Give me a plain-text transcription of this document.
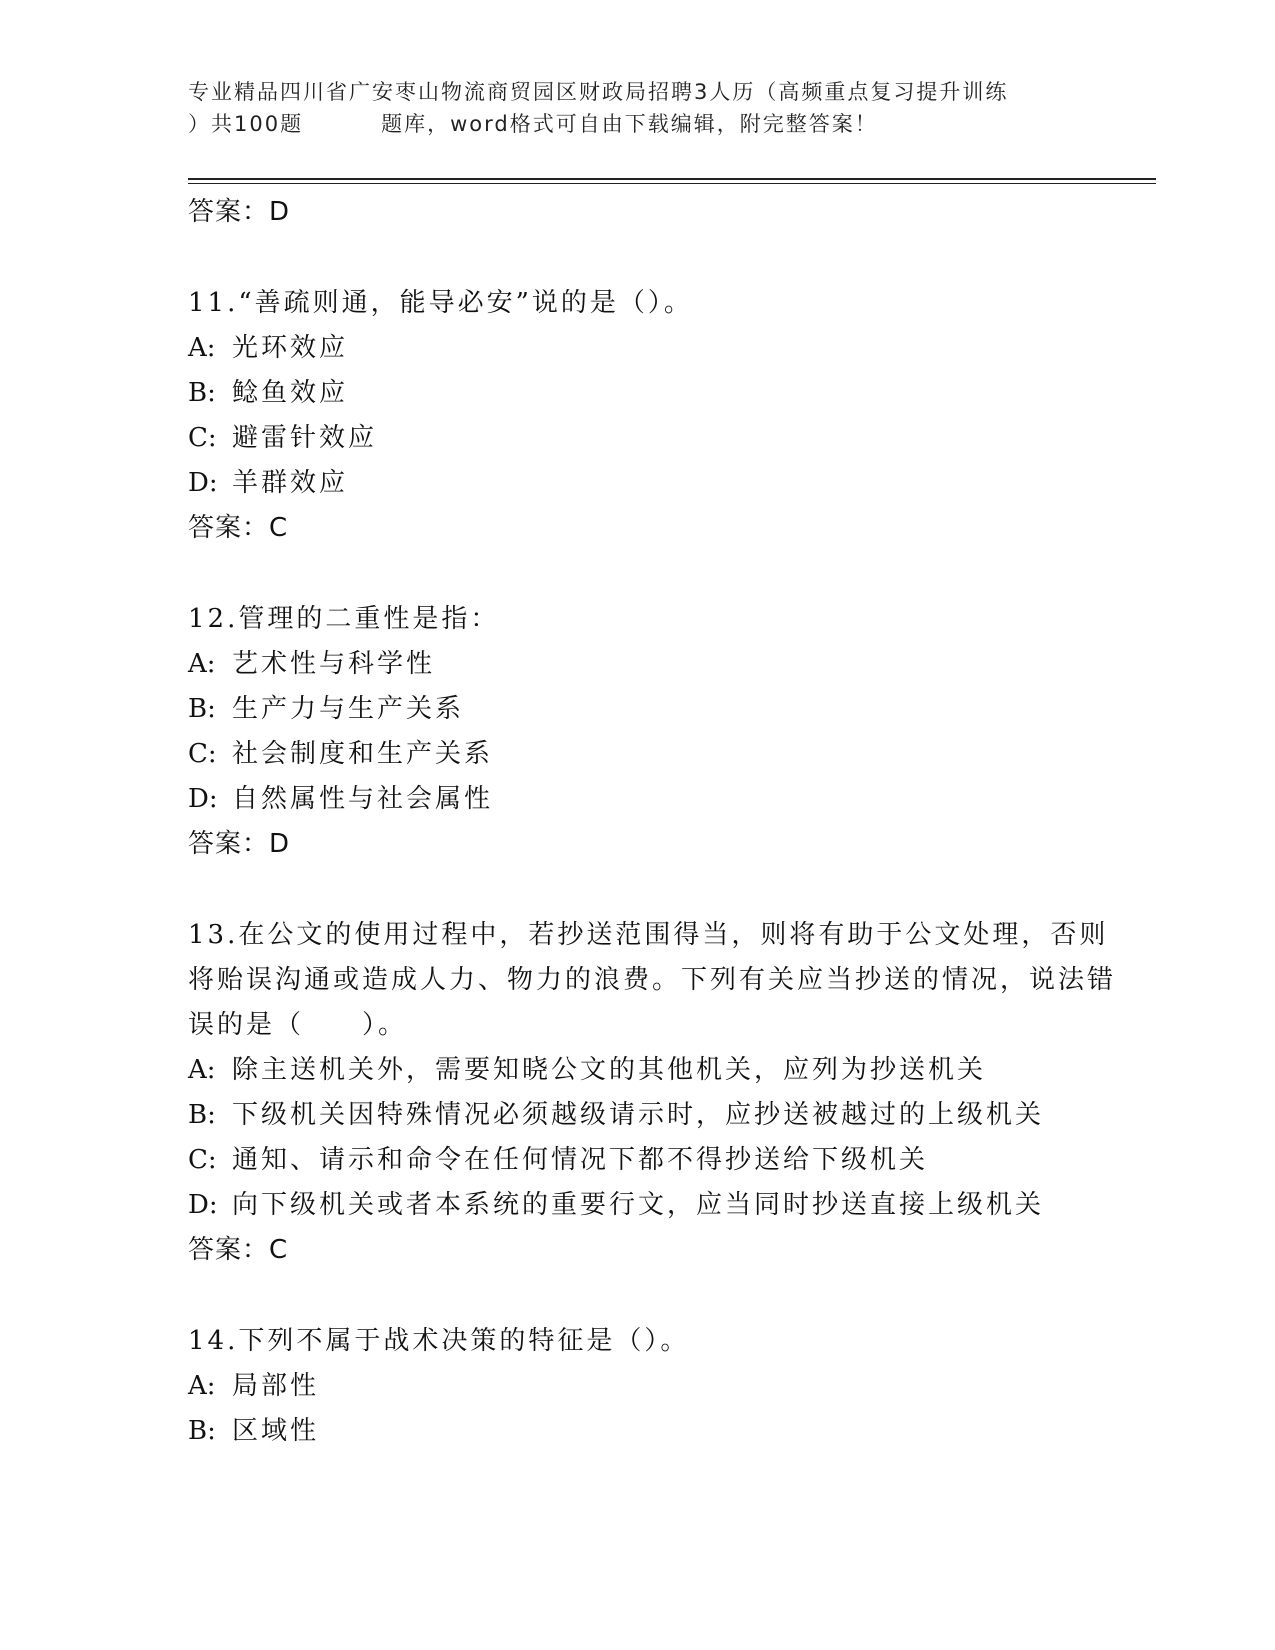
专业精品四川省广安枣山物流商贸园区财政局招聘3人历（高频重点复习提升训练
）共100题	题库，word格式可自由下载编辑，附完整答案！
答案：D
11.“善疏则通，能导必安”说的是（）。
A: 光环效应
B: 鲶鱼效应
C: 避雷针效应
D: 羊群效应
答案：C
12.管理的二重性是指：
A: 艺术性与科学性
B: 生产力与生产关系
C: 社会制度和生产关系
D: 自然属性与社会属性
答案：D
13.在公文的使用过程中，若抄送范围得当，则将有助于公文处理，否则将贻误沟通或造成人力、物力的浪费。下列有关应当抄送的情况，说法错误的是（　　）。
A: 除主送机关外，需要知晓公文的其他机关，应列为抄送机关
B: 下级机关因特殊情况必须越级请示时，应抄送被越过的上级机关
C: 通知、请示和命令在任何情况下都不得抄送给下级机关
D: 向下级机关或者本系统的重要行文，应当同时抄送直接上级机关
答案：C
14.下列不属于战术决策的特征是（）。
A: 局部性
B: 区域性
